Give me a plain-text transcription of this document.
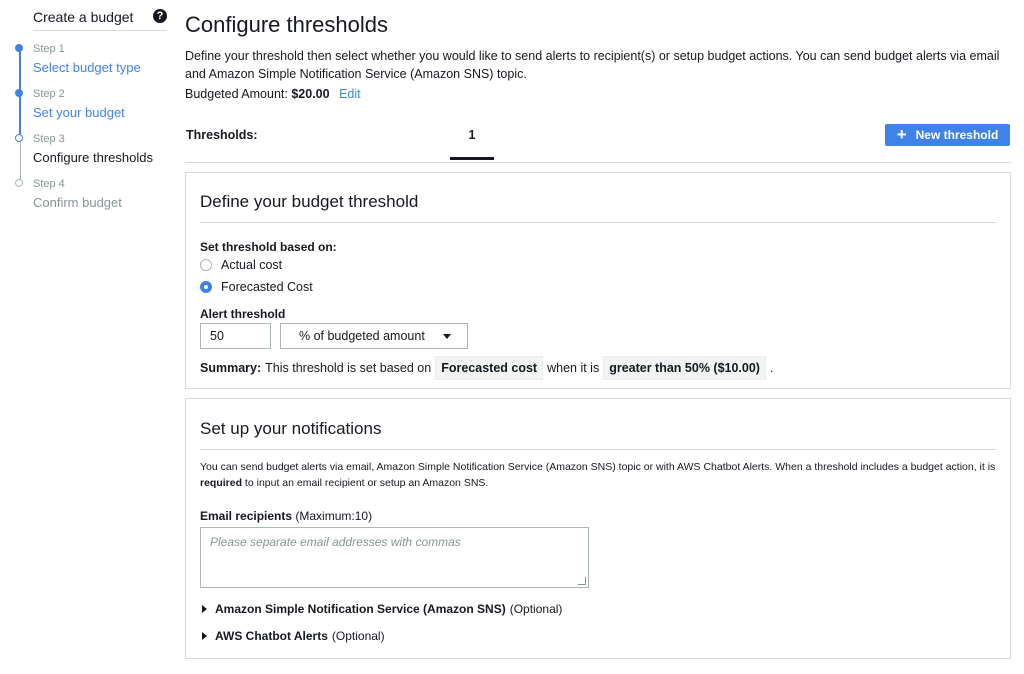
Create a budget	?
Step 1
Select budget type
Step 2
Set your budget
Step 3
Configure thresholds
Step 4
Confirm budget
Configure thresholds
Define your threshold then select whether you would like to send alerts to recipient(s) or setup budget actions. You can send budget alerts via email and Amazon Simple Notification Service (Amazon SNS) topic.
Budgeted Amount: $20.00 Edit
Thresholds:	1	+ New threshold
Define your budget threshold
Set threshold based on:
Actual cost
Forecasted Cost
Alert threshold
50	% of budgeted amount
Summary: This threshold is set based on Forecasted cost when it is greater than 50% ($10.00) .
Set up your notifications
You can send budget alerts via email, Amazon Simple Notification Service (Amazon SNS) topic or with AWS Chatbot Alerts. When a threshold includes a budget action, it is required to input an email recipient or setup an Amazon SNS.
Email recipients (Maximum:10)
Please separate email addresses with commas
Amazon Simple Notification Service (Amazon SNS) (Optional)
AWS Chatbot Alerts (Optional)
